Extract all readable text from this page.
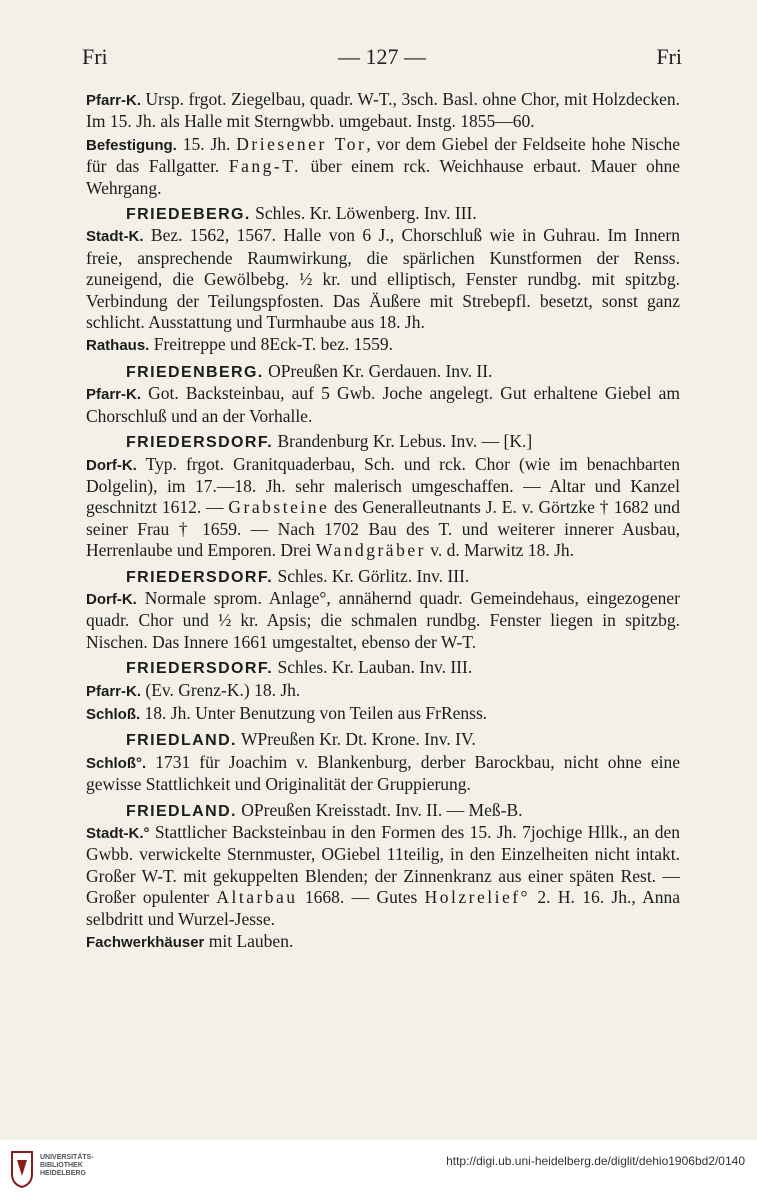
Fri	— 127 —	Fri
Pfarr-K. Ursp. frgot. Ziegelbau, quadr. W-T., 3sch. Basl. ohne Chor, mit Holzdecken. Im 15. Jh. als Halle mit Sterngwbb. umgebaut. Instg. 1855—60.
Befestigung. 15. Jh. Driesener Tor, vor dem Giebel der Feldseite hohe Nische für das Fallgatter. Fang-T. über einem rck. Weichhause erbaut. Mauer ohne Wehrgang.
FRIEDEBERG. Schles. Kr. Löwenberg. Inv. III.
Stadt-K. Bez. 1562, 1567. Halle von 6 J., Chorschluß wie in Guhrau. Im Innern freie, ansprechende Raumwirkung, die spärlichen Kunstformen der Renss. zuneigend, die Gewölbebg. ½ kr. und elliptisch, Fenster rundbg. mit spitzbg. Verbindung der Teilungspfosten. Das Äußere mit Strebepfl. besetzt, sonst ganz schlicht. Ausstattung und Turmhaube aus 18. Jh.
Rathaus. Freitreppe und 8Eck-T. bez. 1559.
FRIEDENBERG. OPreußen Kr. Gerdauen. Inv. II.
Pfarr-K. Got. Backsteinbau, auf 5 Gwb. Joche angelegt. Gut erhaltene Giebel am Chorschluß und an der Vorhalle.
FRIEDERSDORF. Brandenburg Kr. Lebus. Inv. — [K.]
Dorf-K. Typ. frgot. Granitquaderbau, Sch. und rck. Chor (wie im benachbarten Dolgelin), im 17.—18. Jh. sehr malerisch umgeschaffen. — Altar und Kanzel geschnitzt 1612. — Grabsteine des Generalleutnants J. E. v. Görtzke † 1682 und seiner Frau † 1659. — Nach 1702 Bau des T. und weiterer innerer Ausbau, Herrenlaube und Emporen. Drei Wandgräber v. d. Marwitz 18. Jh.
FRIEDERSDORF. Schles. Kr. Görlitz. Inv. III.
Dorf-K. Normale sprom. Anlage°, annähernd quadr. Gemeindehaus, eingezogener quadr. Chor und ½ kr. Apsis; die schmalen rundbg. Fenster liegen in spitzbg. Nischen. Das Innere 1661 umgestaltet, ebenso der W-T.
FRIEDERSDORF. Schles. Kr. Lauban. Inv. III.
Pfarr-K. (Ev. Grenz-K.) 18. Jh.
Schloß. 18. Jh. Unter Benutzung von Teilen aus FrRenss.
FRIEDLAND. WPreußen Kr. Dt. Krone. Inv. IV.
Schloß°. 1731 für Joachim v. Blankenburg, derber Barockbau, nicht ohne eine gewisse Stattlichkeit und Originalität der Gruppierung.
FRIEDLAND. OPreußen Kreisstadt. Inv. II. — Meß-B.
Stadt-K.° Stattlicher Backsteinbau in den Formen des 15. Jh. 7jochige Hllk., an den Gwbb. verwickelte Sternmuster, OGiebel 11teilig, in den Einzelheiten nicht intakt. Großer W-T. mit gekuppelten Blenden; der Zinnenkranz aus einer späten Rest. — Großer opulenter Altarbau 1668. — Gutes Holzrelief° 2. H. 16. Jh., Anna selbdritt und Wurzel-Jesse.
Fachwerkhäuser mit Lauben.
UNIVERSITÄTS-
BIBLIOTHEK
HEIDELBERG
http://digi.ub.uni-heidelberg.de/diglit/dehio1906bd2/0140
